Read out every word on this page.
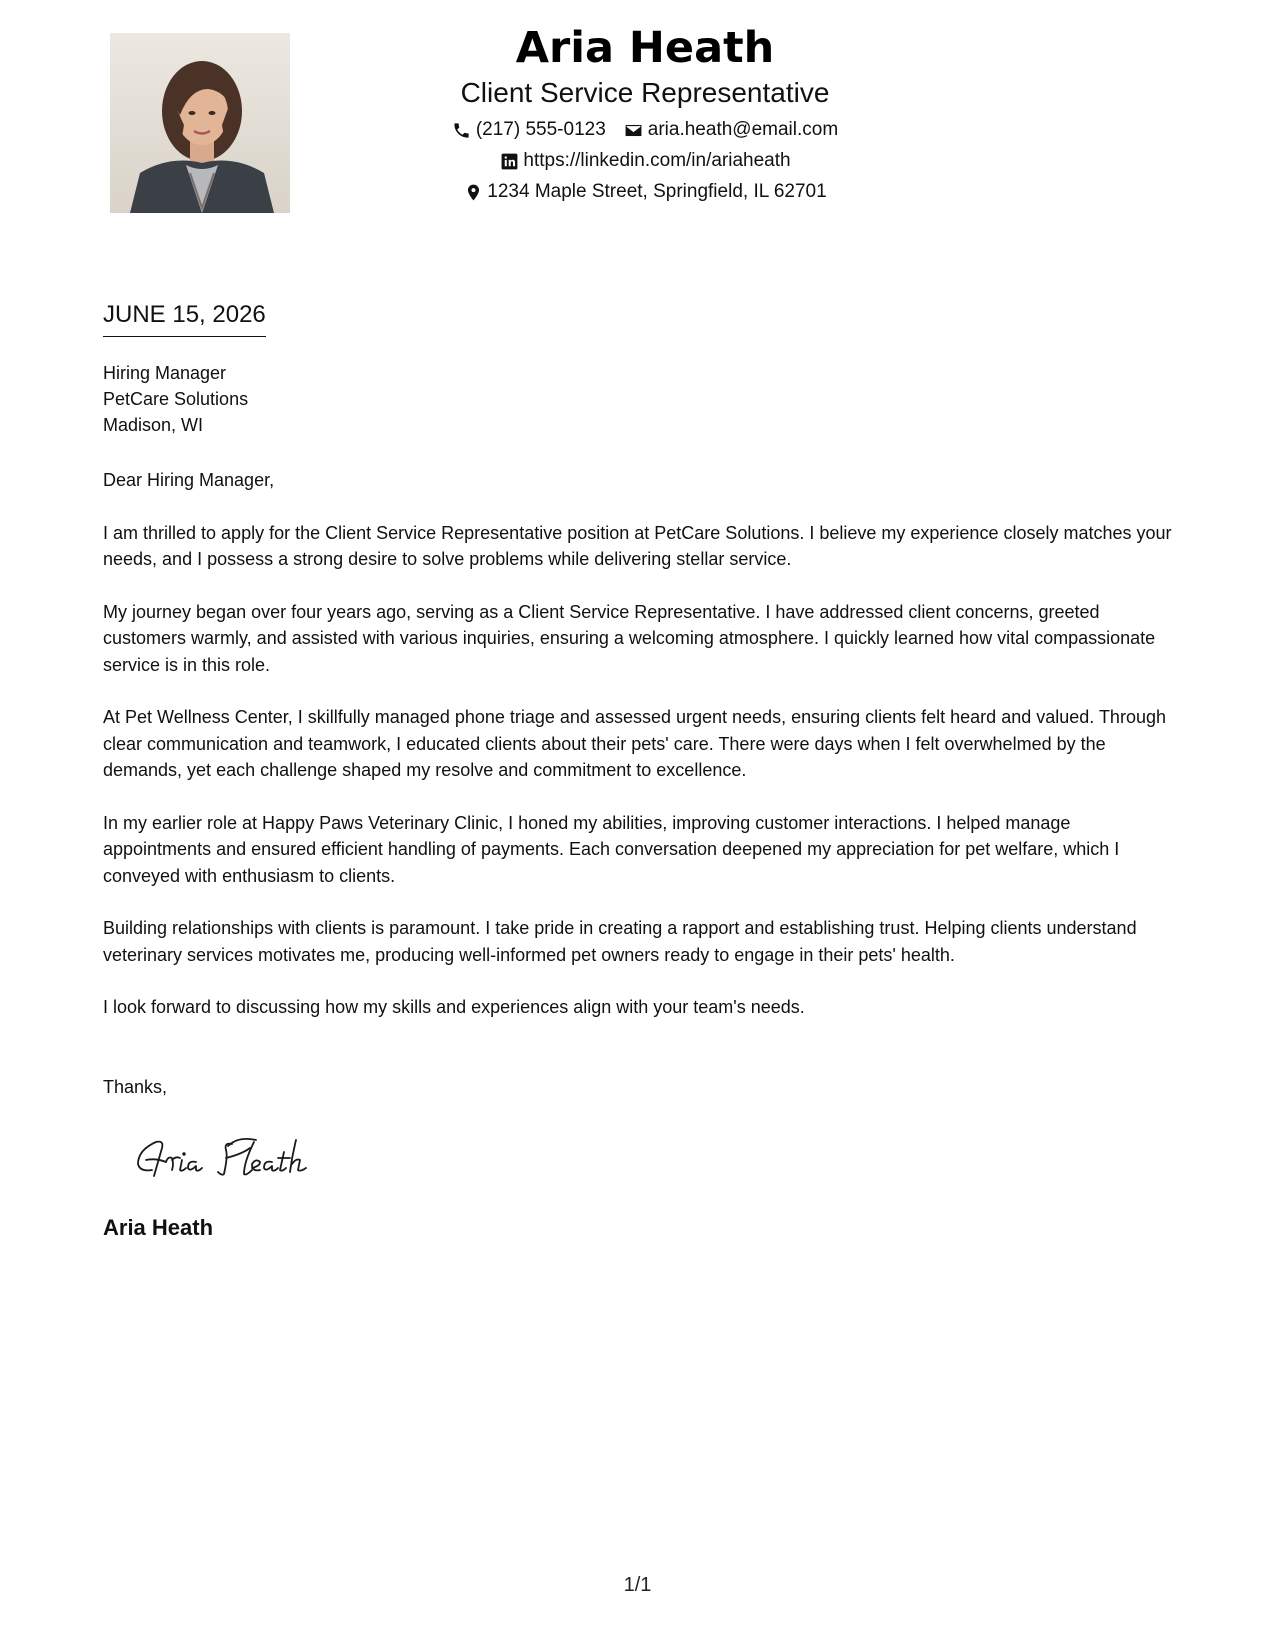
Aria Heath
Client Service Representative
(217) 555-0123 aria.heath@email.com
https://linkedin.com/in/ariaheath
1234 Maple Street, Springfield, IL 62701
JUNE 15, 2026
Hiring Manager
PetCare Solutions
Madison, WI

Dear Hiring Manager,

I am thrilled to apply for the Client Service Representative position at PetCare Solutions. I believe my experience closely matches your needs, and I possess a strong desire to solve problems while delivering stellar service.

My journey began over four years ago, serving as a Client Service Representative. I have addressed client concerns, greeted customers warmly, and assisted with various inquiries, ensuring a welcoming atmosphere. I quickly learned how vital compassionate service is in this role.

At Pet Wellness Center, I skillfully managed phone triage and assessed urgent needs, ensuring clients felt heard and valued. Through clear communication and teamwork, I educated clients about their pets' care. There were days when I felt overwhelmed by the demands, yet each challenge shaped my resolve and commitment to excellence.

In my earlier role at Happy Paws Veterinary Clinic, I honed my abilities, improving customer interactions. I helped manage appointments and ensured efficient handling of payments. Each conversation deepened my appreciation for pet welfare, which I conveyed with enthusiasm to clients.

Building relationships with clients is paramount. I take pride in creating a rapport and establishing trust. Helping clients understand veterinary services motivates me, producing well-informed pet owners ready to engage in their pets' health.

I look forward to discussing how my skills and experiences align with your team's needs.

Thanks,
Aria Heath
1/1
